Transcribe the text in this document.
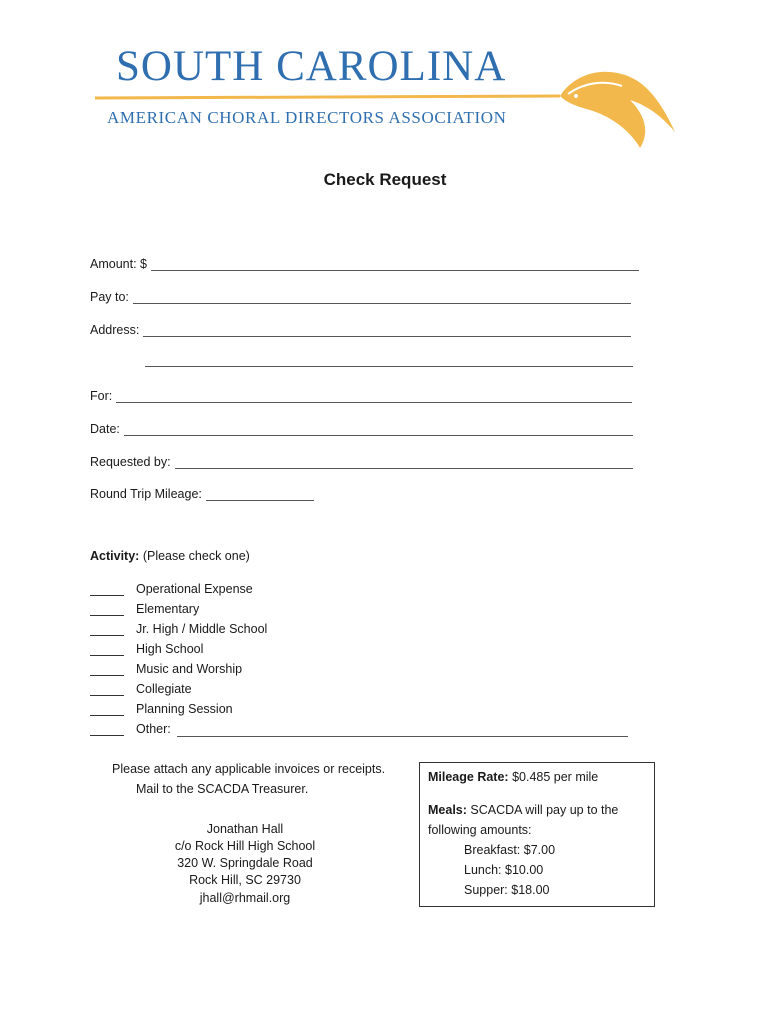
SOUTH CAROLINA
AMERICAN CHORAL DIRECTORS ASSOCIATION
Check Request
Amount: $
Pay to:
Address:
For:
Date:
Requested by:
Round Trip Mileage:
Activity: (Please check one)
Operational Expense
Elementary
Jr. High / Middle School
High School
Music and Worship
Collegiate
Planning Session
Other:
Please attach any applicable invoices or receipts.
Mail to the SCACDA Treasurer.
Jonathan Hall
c/o Rock Hill High School
320 W. Springdale Road
Rock Hill, SC 29730
jhall@rhmail.org
Mileage Rate: $0.485 per mile
Meals: SCACDA will pay up to the
following amounts:
Breakfast: $7.00
Lunch: $10.00
Supper: $18.00
